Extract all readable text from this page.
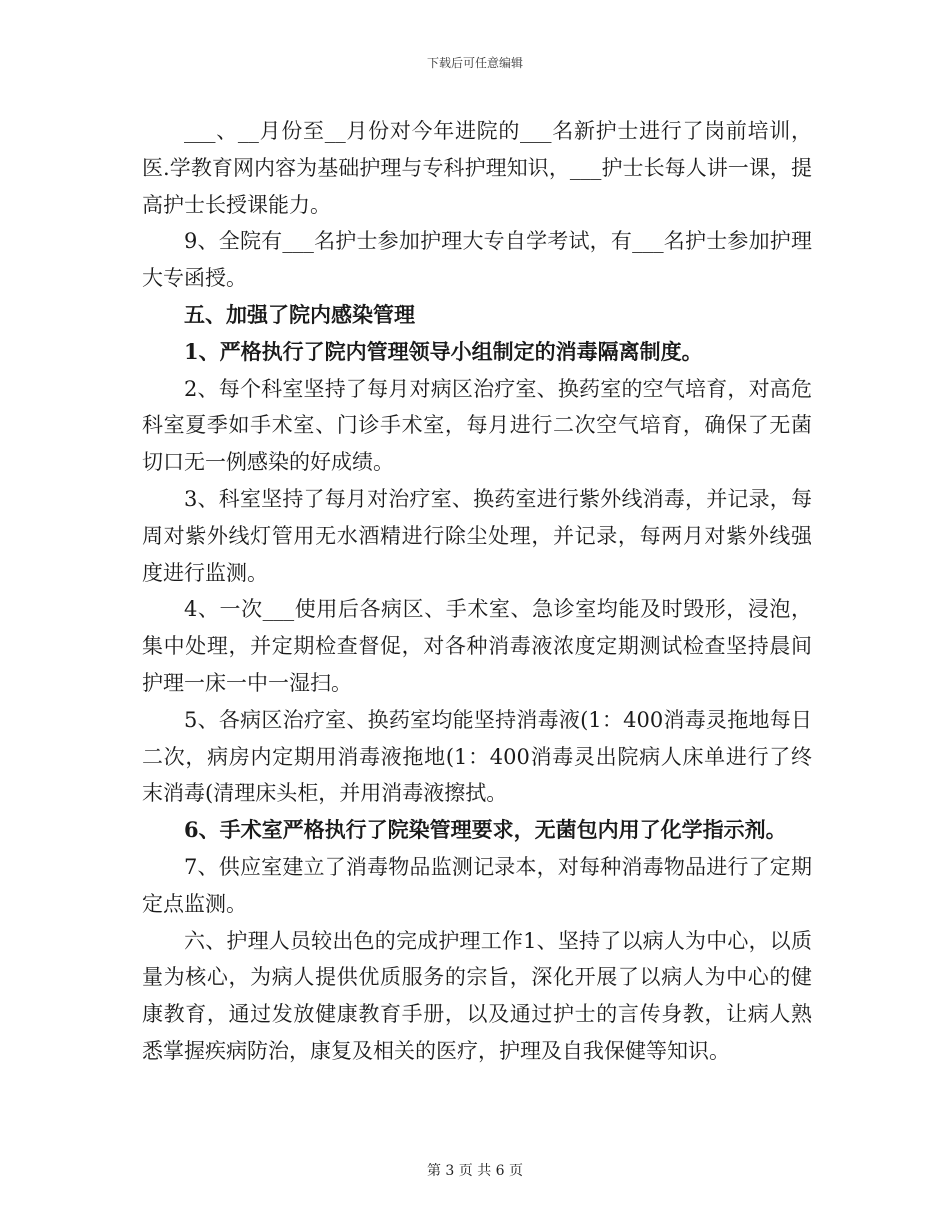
下载后可任意编辑

___、__月份至__月份对今年进院的___名新护士进行了岗前培训，医.学教育网内容为基础护理与专科护理知识，___护士长每人讲一课，提高护士长授课能力。

9、全院有___名护士参加护理大专自学考试，有___名护士参加护理大专函授。

五、加强了院内感染管理

1、严格执行了院内管理领导小组制定的消毒隔离制度。

2、每个科室坚持了每月对病区治疗室、换药室的空气培育，对高危科室夏季如手术室、门诊手术室，每月进行二次空气培育，确保了无菌切口无一例感染的好成绩。

3、科室坚持了每月对治疗室、换药室进行紫外线消毒，并记录，每周对紫外线灯管用无水酒精进行除尘处理，并记录，每两月对紫外线强度进行监测。

4、一次___使用后各病区、手术室、急诊室均能及时毁形，浸泡，集中处理，并定期检查督促，对各种消毒液浓度定期测试检查坚持晨间护理一床一中一湿扫。

5、各病区治疗室、换药室均能坚持消毒液(1：400消毒灵拖地每日二次，病房内定期用消毒液拖地(1：400消毒灵出院病人床单进行了终末消毒(清理床头柜，并用消毒液擦拭。

6、手术室严格执行了院染管理要求，无菌包内用了化学指示剂。

7、供应室建立了消毒物品监测记录本，对每种消毒物品进行了定期定点监测。

六、护理人员较出色的完成护理工作1、坚持了以病人为中心，以质量为核心，为病人提供优质服务的宗旨，深化开展了以病人为中心的健康教育，通过发放健康教育手册，以及通过护士的言传身教，让病人熟悉掌握疾病防治，康复及相关的医疗，护理及自我保健等知识。

第 3 页 共 6 页
